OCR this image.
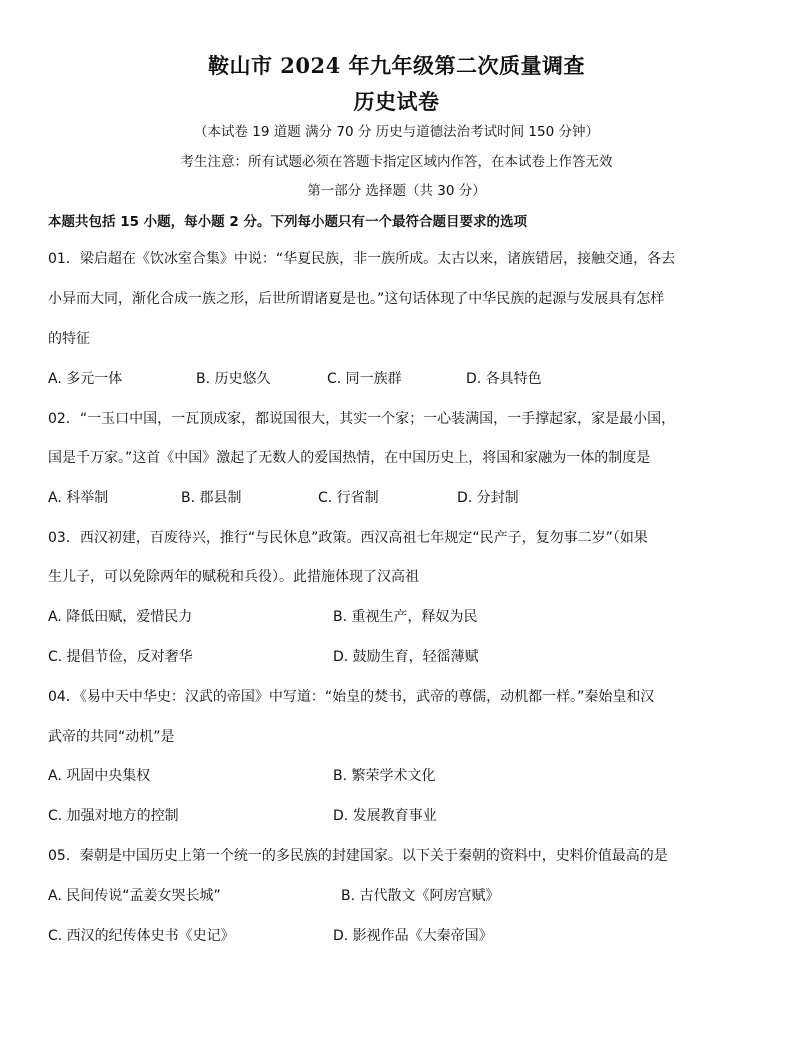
鞍山市 2024 年九年级第二次质量调查
历史试卷
（本试卷 19 道题 满分 70 分 历史与道德法治考试时间 150 分钟）
考生注意：所有试题必须在答题卡指定区域内作答，在本试卷上作答无效
第一部分 选择题（共 30 分）
本题共包括 15 小题，每小题 2 分。下列每小题只有一个最符合题目要求的选项
01．梁启超在《饮冰室合集》中说：“华夏民族，非一族所成。太古以来，诸族错居，接触交通，各去
小异而大同，渐化合成一族之形，后世所谓诸夏是也。”这句话体现了中华民族的起源与发展具有怎样
的特征
A. 多元一体	B. 历史悠久	C. 同一族群	D. 各具特色
02．“一玉口中国，一瓦顶成家，都说国很大，其实一个家；一心装满国，一手撑起家，家是最小国，
国是千万家。”这首《中国》激起了无数人的爱国热情，在中国历史上，将国和家融为一体的制度是
A. 科举制	B. 郡县制	C. 行省制	D. 分封制
03．西汉初建，百废待兴，推行“与民休息”政策。西汉高祖七年规定“民产子，复勿事二岁”（如果
生儿子，可以免除两年的赋税和兵役）。此措施体现了汉高祖
A. 降低田赋，爱惜民力	B. 重视生产，释奴为民
C. 提倡节俭，反对奢华	D. 鼓励生育，轻徭薄赋
04．《易中天中华史：汉武的帝国》中写道：“始皇的焚书，武帝的尊儒，动机都一样。”秦始皇和汉
武帝的共同“动机”是
A. 巩固中央集权	B. 繁荣学术文化
C. 加强对地方的控制	D. 发展教育事业
05．秦朝是中国历史上第一个统一的多民族的封建国家。以下关于秦朝的资料中，史料价值最高的是
A. 民间传说“孟姜女哭长城”	B. 古代散文《阿房宫赋》
C. 西汉的纪传体史书《史记》	D. 影视作品《大秦帝国》
